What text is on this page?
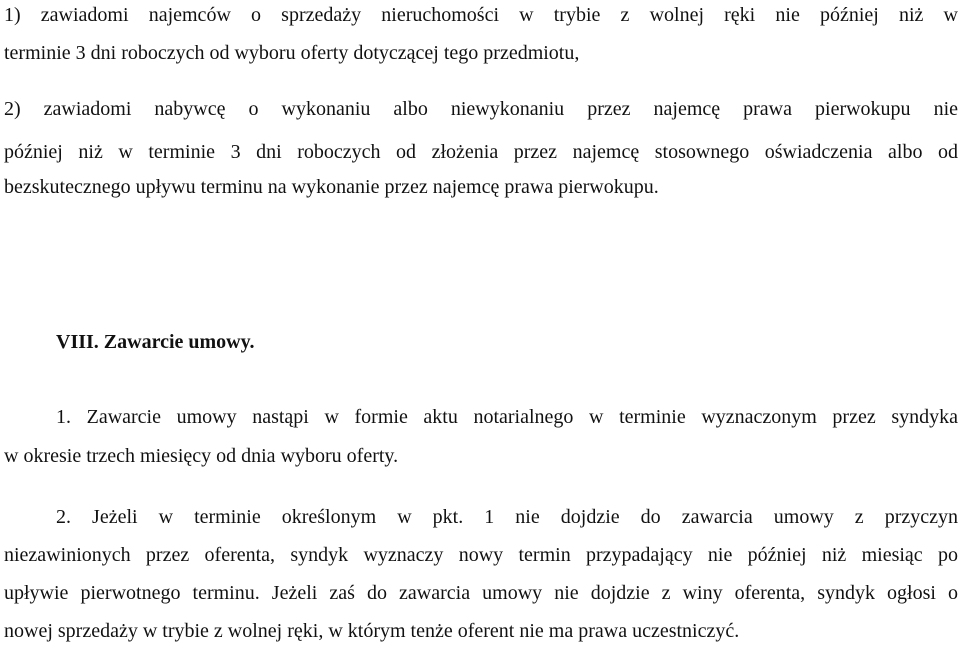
1) zawiadomi najemców o sprzedaży nieruchomości w trybie z wolnej ręki nie później niż w
terminie 3 dni roboczych od wyboru oferty dotyczącej tego przedmiotu,
2) zawiadomi nabywcę o wykonaniu albo niewykonaniu przez najemcę prawa pierwokupu nie
później niż w terminie 3 dni roboczych od złożenia przez najemcę stosownego oświadczenia albo od
bezskutecznego upływu terminu na wykonanie przez najemcę prawa pierwokupu.
VIII. Zawarcie umowy.
1. Zawarcie umowy nastąpi w formie aktu notarialnego w terminie wyznaczonym przez syndyka
w okresie trzech miesięcy od dnia wyboru oferty.
2. Jeżeli w terminie określonym w pkt. 1 nie dojdzie do zawarcia umowy z przyczyn
niezawinionych przez oferenta, syndyk wyznaczy nowy termin przypadający nie później niż miesiąc po
upływie pierwotnego terminu. Jeżeli zaś do zawarcia umowy nie dojdzie z winy oferenta, syndyk ogłosi o
nowej sprzedaży w trybie z wolnej ręki, w którym tenże oferent nie ma prawa uczestniczyć.
